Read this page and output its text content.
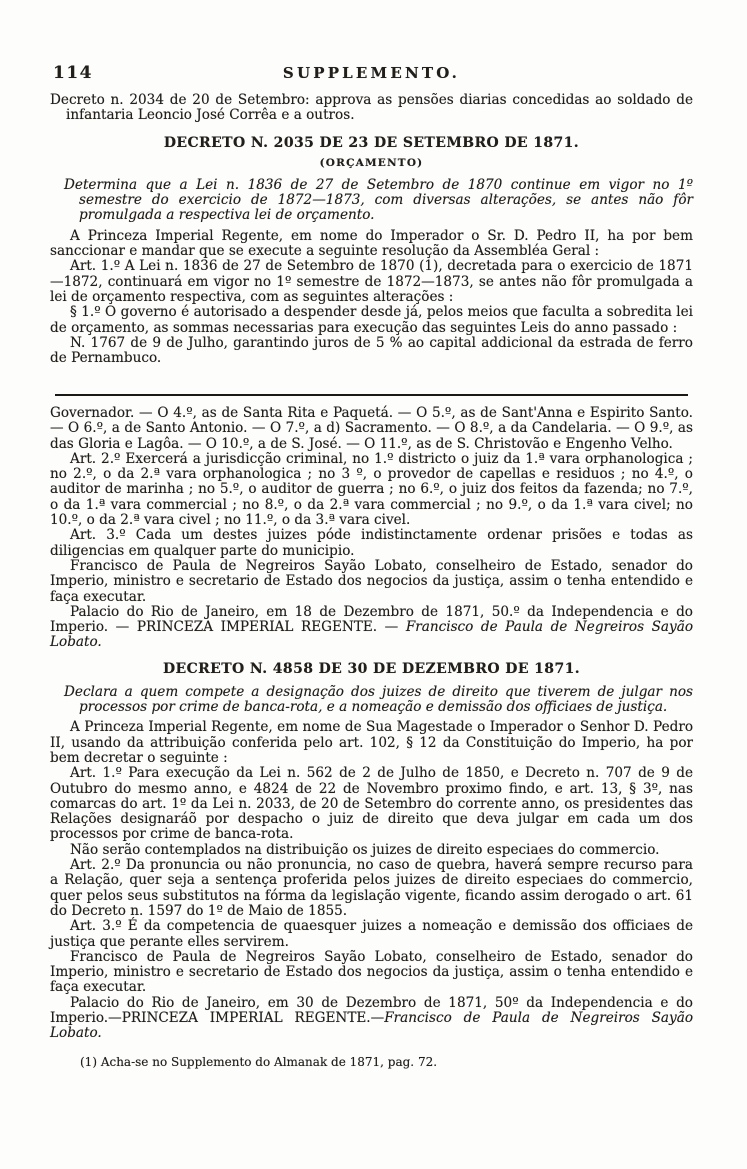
114	SUPPLEMENTO.

Decreto n. 2034 de 20 de Setembro: approva as pensões diarias concedidas ao soldado de infantaria Leoncio José Corrêa e a outros.

DECRETO N. 2035 DE 23 DE SETEMBRO DE 1871.
(ORÇAMENTO)

Determina que a Lei n. 1836 de 27 de Setembro de 1870 continue em vigor no 1º semestre do exercicio de 1872—1873, com diversas alterações, se antes não fôr promulgada a respectiva lei de orçamento.

A Princeza Imperial Regente, em nome do Imperador o Sr. D. Pedro II, ha por bem sanccionar e mandar que se execute a seguinte resolução da Assembléa Geral :

Art. 1.º A Lei n. 1836 de 27 de Setembro de 1870 (1), decretada para o exercicio de 1871—1872, continuará em vigor no 1º semestre de 1872—1873, se antes não fôr promulgada a lei de orçamento respectiva, com as seguintes alterações :

§ 1.º O governo é autorisado a despender desde já, pelos meios que faculta a sobredita lei de orçamento, as sommas necessarias para execução das seguintes Leis do anno passado :

N. 1767 de 9 de Julho, garantindo juros de 5 % ao capital addicional da estrada de ferro de Pernambuco.

Governador. — O 4.º, as de Santa Rita e Paquetá. — O 5.º, as de Sant'Anna e Espirito Santo. — O 6.º, a de Santo Antonio. — O 7.º, a d) Sacramento. — O 8.º, a da Candelaria. — O 9.º, as das Gloria e Lagôa. — O 10.º, a de S. José. — O 11.º, as de S. Christovão e Engenho Velho.

Art. 2.º Exercerá a jurisdicção criminal, no 1.º districto o juiz da 1.ª vara orphanologica ; no 2.º, o da 2.ª vara orphanologica ; no 3 º, o provedor de capellas e residuos ; no 4.º, o auditor de marinha ; no 5.º, o auditor de guerra ; no 6.º, o juiz dos feitos da fazenda; no 7.º, o da 1.ª vara commercial ; no 8.º, o da 2.ª vara commercial ; no 9.º, o da 1.ª vara civel; no 10.º, o da 2.ª vara civel ; no 11.º, o da 3.ª vara civel.

Art. 3.º Cada um destes juizes póde indistinctamente ordenar prisões e todas as diligencias em qualquer parte do municipio.

Francisco de Paula de Negreiros Sayão Lobato, conselheiro de Estado, senador do Imperio, ministro e secretario de Estado dos negocios da justiça, assim o tenha entendido e faça executar.

Palacio do Rio de Janeiro, em 18 de Dezembro de 1871, 50.º da Independencia e do Imperio. — PRINCEZA IMPERIAL REGENTE. — Francisco de Paula de Negreiros Sayão Lobato.

DECRETO N. 4858 DE 30 DE DEZEMBRO DE 1871.

Declara a quem compete a designação dos juizes de direito que tiverem de julgar nos processos por crime de banca-rota, e a nomeação e demissão dos officiaes de justiça.

A Princeza Imperial Regente, em nome de Sua Magestade o Imperador o Senhor D. Pedro II, usando da attribuição conferida pelo art. 102, § 12 da Constituição do Imperio, ha por bem decretar o seguinte :

Art. 1.º Para execução da Lei n. 562 de 2 de Julho de 1850, e Decreto n. 707 de 9 de Outubro do mesmo anno, e 4824 de 22 de Novembro proximo findo, e art. 13, § 3º, nas comarcas do art. 1º da Lei n. 2033, de 20 de Setembro do corrente anno, os presidentes das Relações designaráõ por despacho o juiz de direito que deva julgar em cada um dos processos por crime de banca-rota.

Não serão contemplados na distribuição os juizes de direito especiaes do commercio.

Art. 2.º Da pronuncia ou não pronuncia, no caso de quebra, haverá sempre recurso para a Relação, quer seja a sentença proferida pelos juizes de direito especiaes do commercio, quer pelos seus substitutos na fórma da legislação vigente, ficando assim derogado o art. 61 do Decreto n. 1597 do 1º de Maio de 1855.

Art. 3.º É da competencia de quaesquer juizes a nomeação e demissão dos officiaes de justiça que perante elles servirem.

Francisco de Paula de Negreiros Sayão Lobato, conselheiro de Estado, senador do Imperio, ministro e secretario de Estado dos negocios da justiça, assim o tenha entendido e faça executar.

Palacio do Rio de Janeiro, em 30 de Dezembro de 1871, 50º da Independencia e do Imperio.—PRINCEZA IMPERIAL REGENTE.—Francisco de Paula de Negreiros Sayão Lobato.

(1) Acha-se no Supplemento do Almanak de 1871, pag. 72.
